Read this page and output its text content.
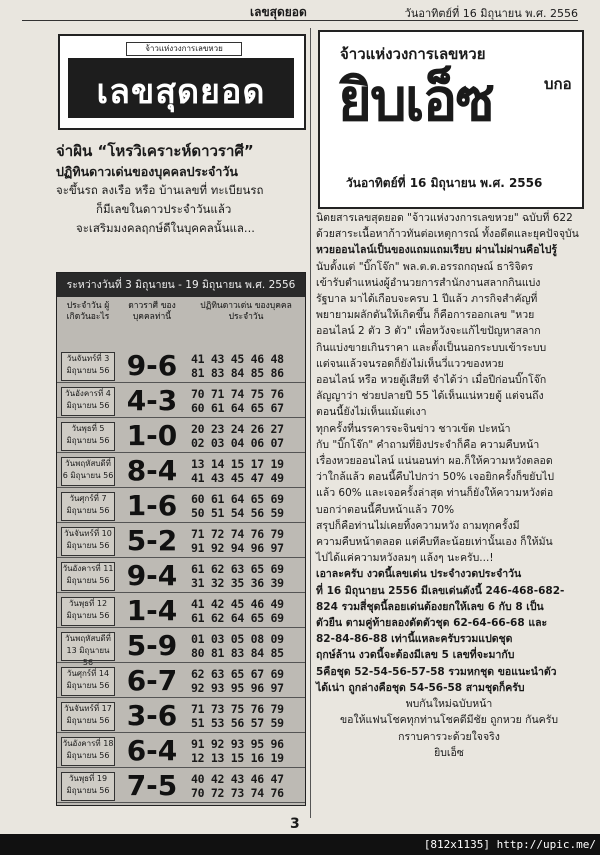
เลขสุดยอด	วันอาทิตย์ที่ 16 มิถุนายน พ.ศ. 2556
จ้าวแห่งวงการเลขหวย
เลขสุดยอด
จ่าผิน “โหรวิเคราะห์ดาวราศี”
ปฏิทินดาวเด่นของบุคคลประจำวัน
จะขึ้นรถ ลงเรือ หรือ บ้านเลขที่ ทะเบียนรถ
ก็มีเลขในดาวประจำวันแล้ว
จะเสริมมงคลฤกษ์ดีในบุคคลนั้นแล...
ระหว่างวันที่ 3 มิถุนายน - 19 มิถุนายน พ.ศ. 2556
ประจำวัน ผู้เกิดวันอะไร
ดาวราศี ของบุคคลท่านี้
ปฏิทินดาวเด่น ของบุคคลประจำวัน
วันจันทร์ที่ 3 มิถุนายน 56 9-6	41 43 45 46 48
81 83 84 85 86
วันอังคารที่ 4 มิถุนายน 56 4-3	70 71 74 75 76
60 61 64 65 67
วันพุธที่ 5 มิถุนายน 56 1-0	20 23 24 26 27
02 03 04 06 07
วันพฤหัสบดีที่ 6 มิถุนายน 56 8-4	13 14 15 17 19
41 43 45 47 49
วันศุกร์ที่ 7 มิถุนายน 56 1-6	60 61 64 65 69
50 51 54 56 59
วันจันทร์ที่ 10 มิถุนายน 56 5-2	71 72 74 76 79
91 92 94 96 97
วันอังคารที่ 11 มิถุนายน 56 9-4	61 62 63 65 69
31 32 35 36 39
วันพุธที่ 12 มิถุนายน 56 1-4	41 42 45 46 49
61 62 64 65 69
วันพฤหัสบดีที่ 13 มิถุนายน 5-9	01 03 05 08 09
80 81 83 84 85
วันศุกร์ที่ 14 มิถุนายน 56 6-7	62 63 65 67 69
92 93 95 96 97
วันจันทร์ที่ 17 มิถุนายน 56 3-6	71 73 75 76 79
51 53 56 57 59
วันอังคารที่ 18 มิถุนายน 56 6-4	91 92 93 95 96
12 13 15 16 19
วันพุธที่ 19 มิถุนายน 56 7-5	40 42 43 46 47
70 72 73 74 76
จ้าวแห่งวงการเลขหวย
ยิบเอ็ซ	บกอ
วันอาทิตย์ที่ 16 มิถุนายน พ.ศ. 2556
นิตยสารเลขสุดยอด "จ้าวแห่งวงการเลขหวย" ฉบับที่ 622
ด้วยสาระเนื้อหาก้าวทันต่อเหตุการณ์ ทั้งอดีตและยุคปัจจุบัน
หวยออนไลน์เป็นของแถมแถมเรียบ ผ่านไม่ผ่านคือไปรู้
นับตั้งแต่ "บิ๊กโจ๊ก" พล.ต.ต.อรรถกฤษณ์ ธาริจิตร
เข้ารับตำแหน่งผู้อำนวยการสำนักงานสลากกินแบ่ง
รัฐบาล มาได้เกือบจะครบ 1 ปีแล้ว ภารกิจสำคัญที่
พยายามผลักดันให้เกิดขึ้น ก็คือการออกเลข "หวย
ออนไลน์ 2 ตัว 3 ตัว" เพื่อหวังจะแก้ไขปัญหาสลาก
กินแบ่งขายเกินราคา และตั้งเป็นนอกระบบเข้าระบบ
แต่จนแล้วจนรอดก็ยังไม่เห็นวี่แววของหวย
ออนไลน์ หรือ หวยตู้เสียที จำได้ว่า เมื่อปีก่อนบิ๊กโจ๊ก
ลัญญาว่า ช่วยปลายปี 55 ได้เห็นแน่หวยตู้ แต่จนถึง
ตอนนี้ยังไม่เห็นแม้แต่เงา
ทุกครั้งที่นรรคารจะจินข่าว ชาวเข้ต ปะหน้า
กับ "บิ๊กโจ๊ก" คำถามที่ยิงประจำก็คือ ความคืบหน้า
เรื่องหวยออนไลน์ แน่นอนท่า ผอ.ก็ให้ความหวังตลอด
ว่าใกล้แล้ว ตอนนี้คืบไปกว่า 50% เจอยิกครั้งก็ขยับไป
แล้ว 60% และเจอครั้งล่าสุด ท่านก็ยังให้ความหวังต่อ
บอกว่าตอนนี้คืบหน้าแล้ว 70%
สรุปก็คือท่านไม่เคยทิ้งความหวัง ถามทุกครั้งมี
ความคืบหน้าตลอด แต่คืบทีละน้อยเท่านั้นเอง ก็ให้มัน
ไปได้แค่ความหวังลมๆ แล้งๆ นะครับ...!
เอาละครับ งวดนี้เลขเด่น ประจำงวดประจำวัน
ที่ 16 มิถุนายน 2556 มีเลขเด่นดังนี้ 246-468-682-
824 รวมสี่ชุดนี้ลอยเด่นต้องยกให้เลข 6 กับ 8 เป็น
ตัวยืน ตามคู่ท้ายลองดัตตัวชุด 62-64-66-68 และ
82-84-86-88 เท่านี้แหละครับรวมแปดชุด
ฤกษ์ล้าน งวดนี้จะต้องมีเลข 5 เลขที่จะมากับ
5คือชุด 52-54-56-57-58 รวมหกชุด ขอแนะนำตัว
ได้เน่า ถูกล่างคือชุด 54-56-58 สามชุดก็ครับ
พบกันใหม่ฉบับหน้า
ขอให้แฟนโชคทุกท่านโชคดีมีชัย ถูกหวย กันครับ
กราบคารวะด้วยใจจริง
ยิบเอ็ซ
3
[812x1135] http://upic.me/
